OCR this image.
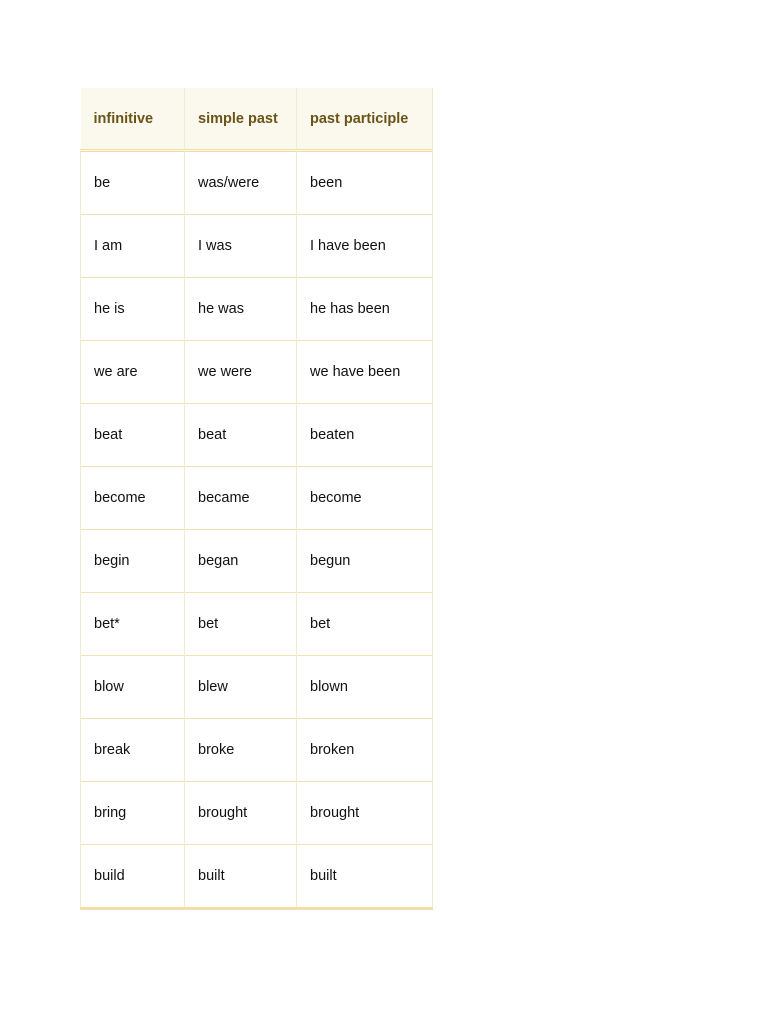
infinitive	simple past	past participle
be	was/were	been
I am	I was	I have been
he is	he was	he has been
we are	we were	we have been
beat	beat	beaten
become	became	become
begin	began	begun
bet*	bet	bet
blow	blew	blown
break	broke	broken
bring	brought	brought
build	built	built
